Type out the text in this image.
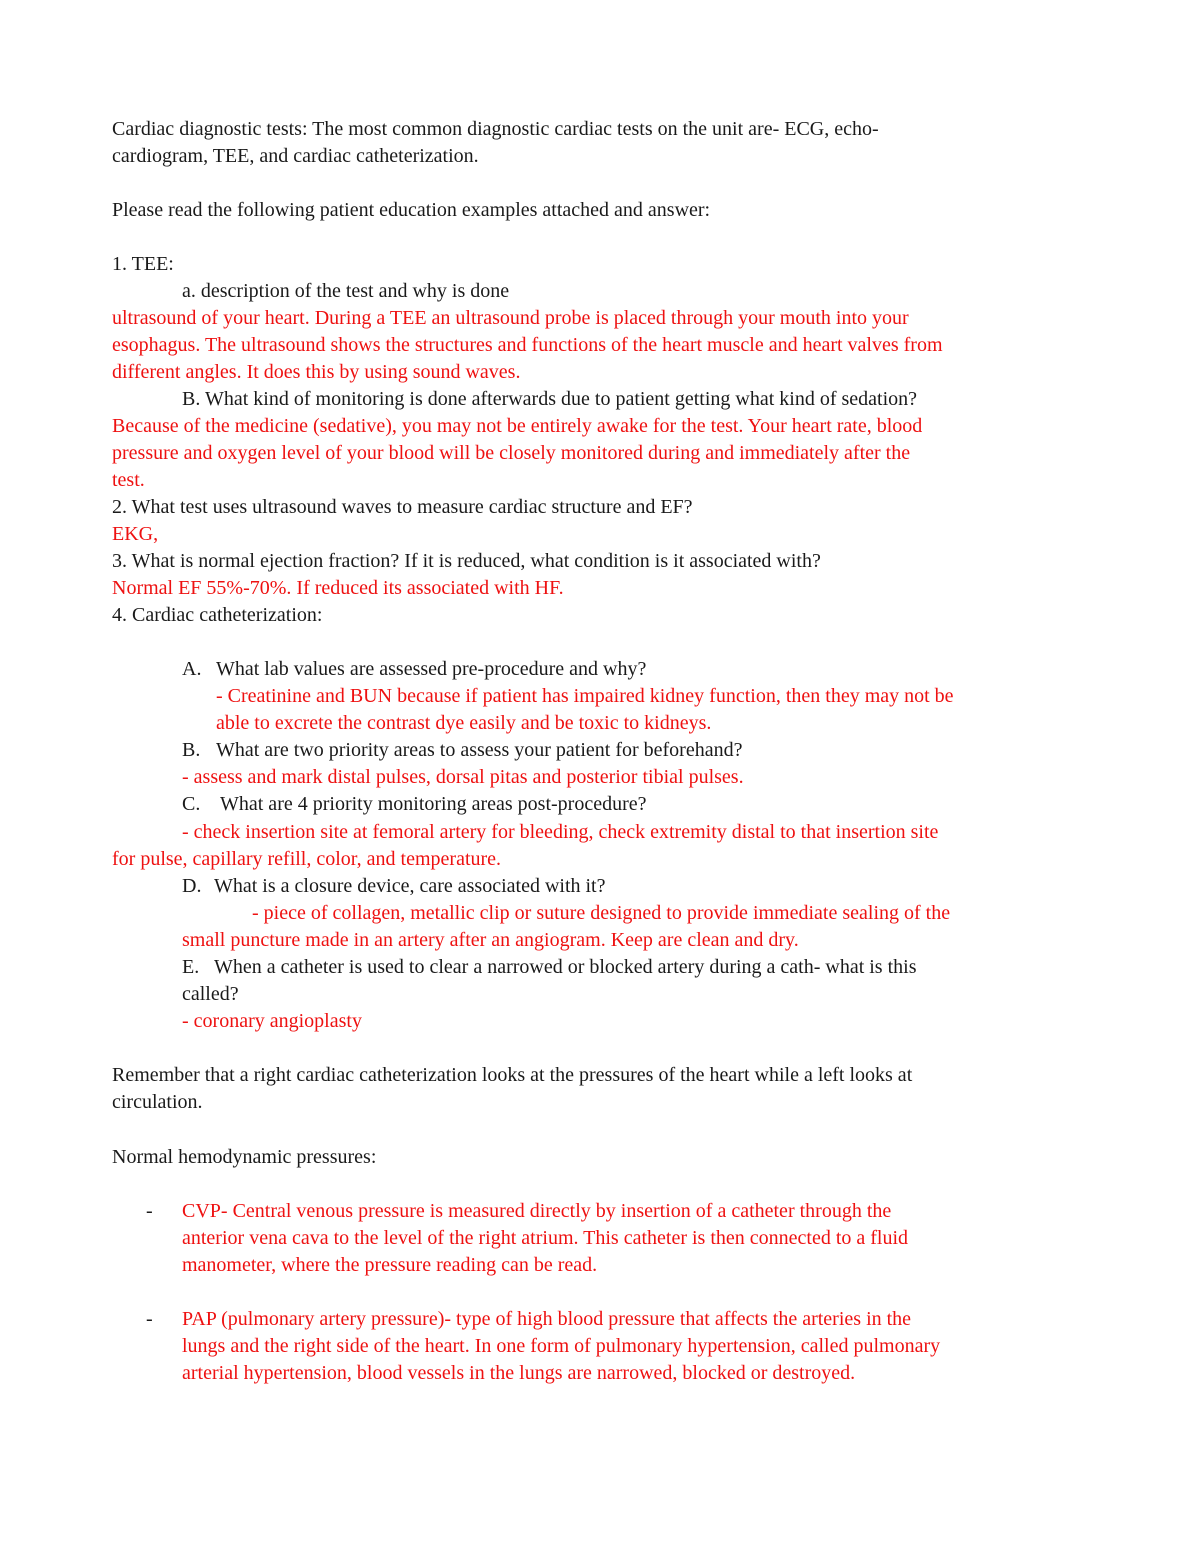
Cardiac diagnostic tests: The most common diagnostic cardiac tests on the unit are- ECG, echo-
cardiogram, TEE, and cardiac catheterization.
Please read the following patient education examples attached and answer:
1. TEE:
a. description of the test and why is done
ultrasound of your heart. During a TEE an ultrasound probe is placed through your mouth into your
esophagus. The ultrasound shows the structures and functions of the heart muscle and heart valves from
different angles. It does this by using sound waves.
B. What kind of monitoring is done afterwards due to patient getting what kind of sedation?
Because of the medicine (sedative), you may not be entirely awake for the test. Your heart rate, blood
pressure and oxygen level of your blood will be closely monitored during and immediately after the
test.
2. What test uses ultrasound waves to measure cardiac structure and EF?
EKG,
3. What is normal ejection fraction? If it is reduced, what condition is it associated with?
Normal EF 55%-70%. If reduced its associated with HF.
4. Cardiac catheterization:
A. What lab values are assessed pre-procedure and why?
- Creatinine and BUN because if patient has impaired kidney function, then they may not be
able to excrete the contrast dye easily and be toxic to kidneys.
B. What are two priority areas to assess your patient for beforehand?
- assess and mark distal pulses, dorsal pitas and posterior tibial pulses.
C. What are 4 priority monitoring areas post-procedure?
- check insertion site at femoral artery for bleeding, check extremity distal to that insertion site
for pulse, capillary refill, color, and temperature.
D. What is a closure device, care associated with it?
- piece of collagen, metallic clip or suture designed to provide immediate sealing of the
small puncture made in an artery after an angiogram. Keep are clean and dry.
E. When a catheter is used to clear a narrowed or blocked artery during a cath- what is this
called?
- coronary angioplasty
Remember that a right cardiac catheterization looks at the pressures of the heart while a left looks at
circulation.
Normal hemodynamic pressures:
- CVP- Central venous pressure is measured directly by insertion of a catheter through the
anterior vena cava to the level of the right atrium. This catheter is then connected to a fluid
manometer, where the pressure reading can be read.
- PAP (pulmonary artery pressure)- type of high blood pressure that affects the arteries in the
lungs and the right side of the heart. In one form of pulmonary hypertension, called pulmonary
arterial hypertension, blood vessels in the lungs are narrowed, blocked or destroyed.
